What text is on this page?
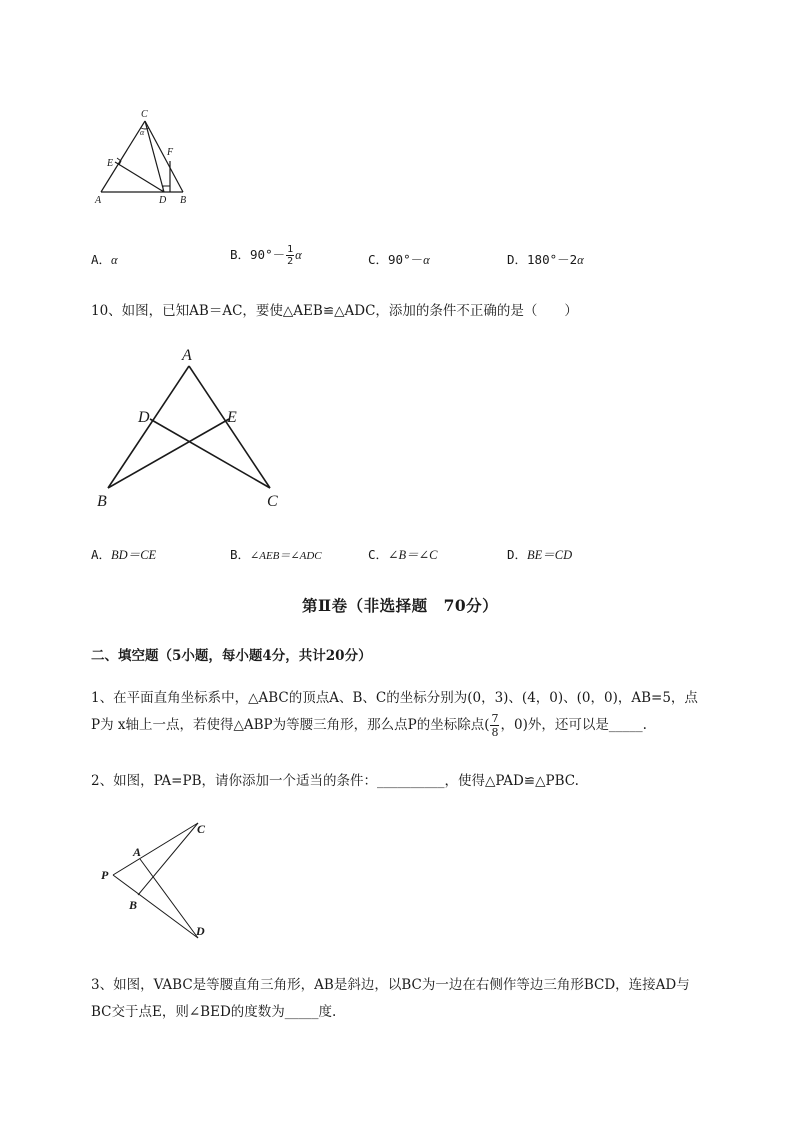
C
α
E
F
A	D B
A．α	B．$90^\circ- \frac{1}{2}$ α	C．90°－α	D．180°－2α
10、如图，已知AB＝AC，要使△AEB≌△ADC，添加的条件不正确的是（　　）
A
D	E
B	C
A．BD＝CE	B．∠AEB＝∠ADC	C．∠B＝∠C	D．BE＝CD
第Ⅱ卷（非选择题　70分）
二、填空题（5小题，每小题4分，共计20分）
1、在平面直角坐标系中，△ABC的顶点A、B、C的坐标分别为(0，3)、(4，0)、(0，0)，AB=5，点
P为 x轴上一点，若使得△ABP为等腰三角形，那么点P的坐标除点( $\frac{7}{8}$ ，0)外，还可以是_____.
2、如图，PA=PB，请你添加一个适当的条件：__________，使得△PAD≌△PBC.
C
A
P
B
D
3、如图，VABC是等腰直角三角形，AB是斜边，以BC为一边在右侧作等边三角形BCD，连接AD与
BC交于点E，则∠BED的度数为_____度.
